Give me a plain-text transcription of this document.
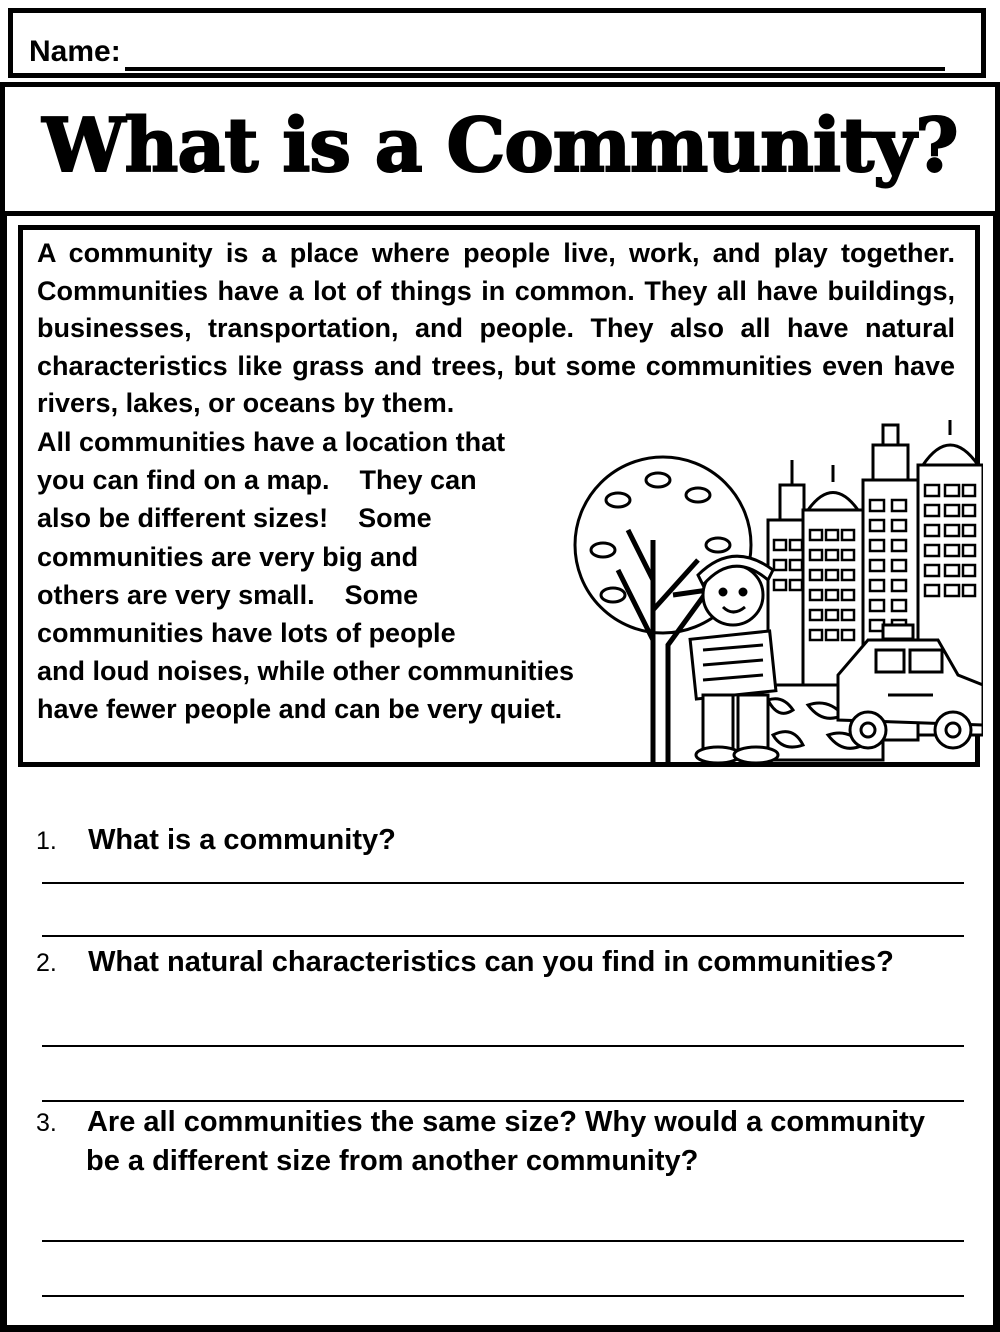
Name:
What is a Community?
A community is a place where people live, work, and play together. Communities have a lot of things in common. They all have buildings, businesses, transportation, and people. They also all have natural characteristics like grass and trees, but some communities even have rivers, lakes, or oceans by them.
All communities have a location that
you can find on a map.    They can
also be different sizes!    Some
communities are very big and
others are very small.    Some
communities have lots of people
and loud noises, while other communities
have fewer people and can be very quiet.
1. What is a community?
2. What natural characteristics can you find in communities?
3. Are all communities the same size? Why would a community
be a different size from another community?
